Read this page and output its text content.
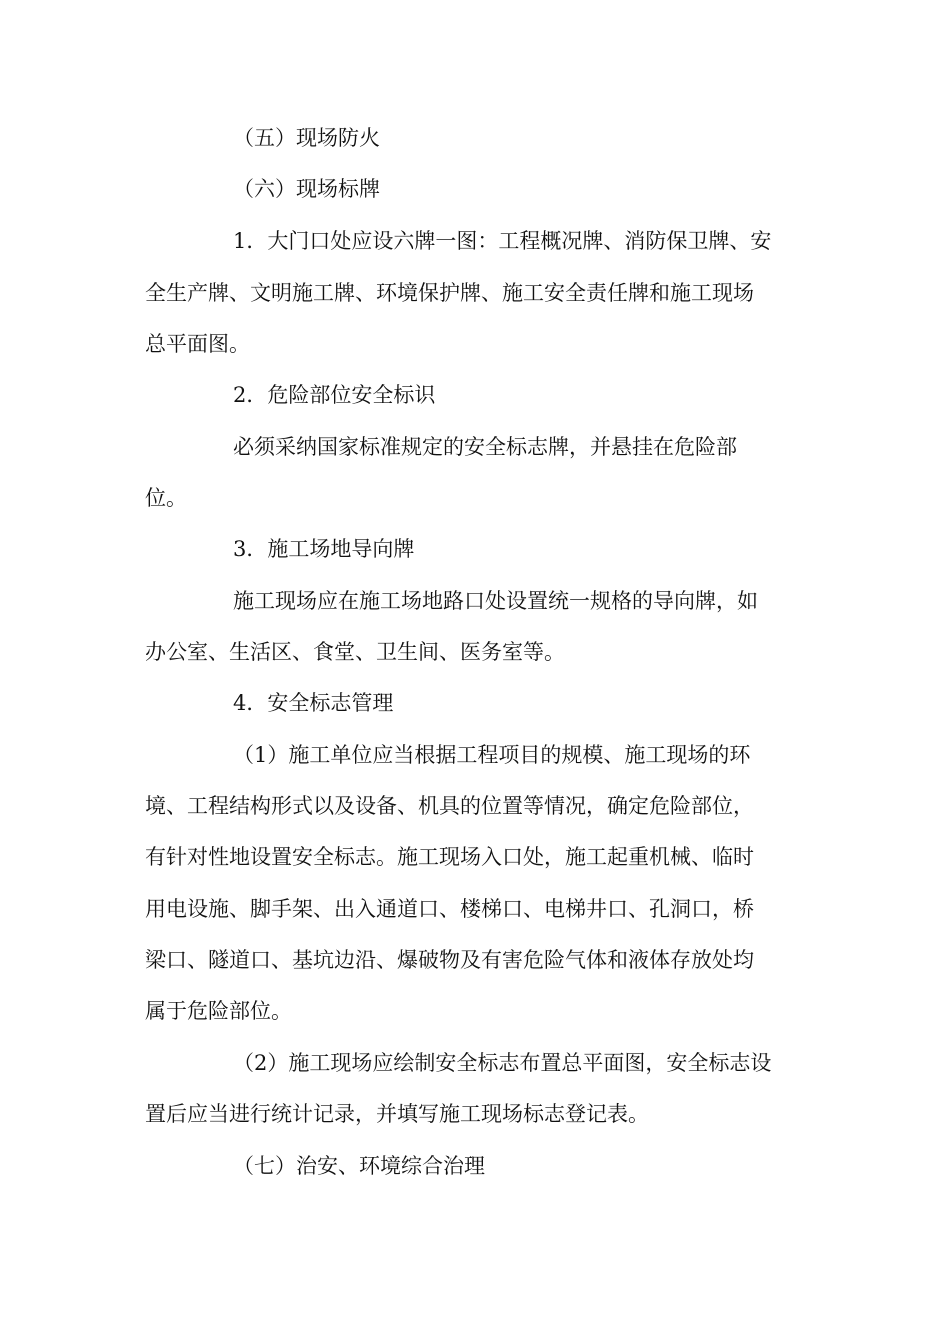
（五）现场防火
（六）现场标牌
1．大门口处应设六牌一图：工程概况牌、消防保卫牌、安
全生产牌、文明施工牌、环境保护牌、施工安全责任牌和施工现场
总平面图。
2．危险部位安全标识
必须采纳国家标准规定的安全标志牌，并悬挂在危险部
位。
3．施工场地导向牌
施工现场应在施工场地路口处设置统一规格的导向牌，如
办公室、生活区、食堂、卫生间、医务室等。
4．安全标志管理
（1）施工单位应当根据工程项目的规模、施工现场的环
境、工程结构形式以及设备、机具的位置等情况，确定危险部位，
有针对性地设置安全标志。施工现场入口处，施工起重机械、临时
用电设施、脚手架、出入通道口、楼梯口、电梯井口、孔洞口，桥
梁口、隧道口、基坑边沿、爆破物及有害危险气体和液体存放处均
属于危险部位。
（2）施工现场应绘制安全标志布置总平面图，安全标志设
置后应当进行统计记录，并填写施工现场标志登记表。
（七）治安、环境综合治理
